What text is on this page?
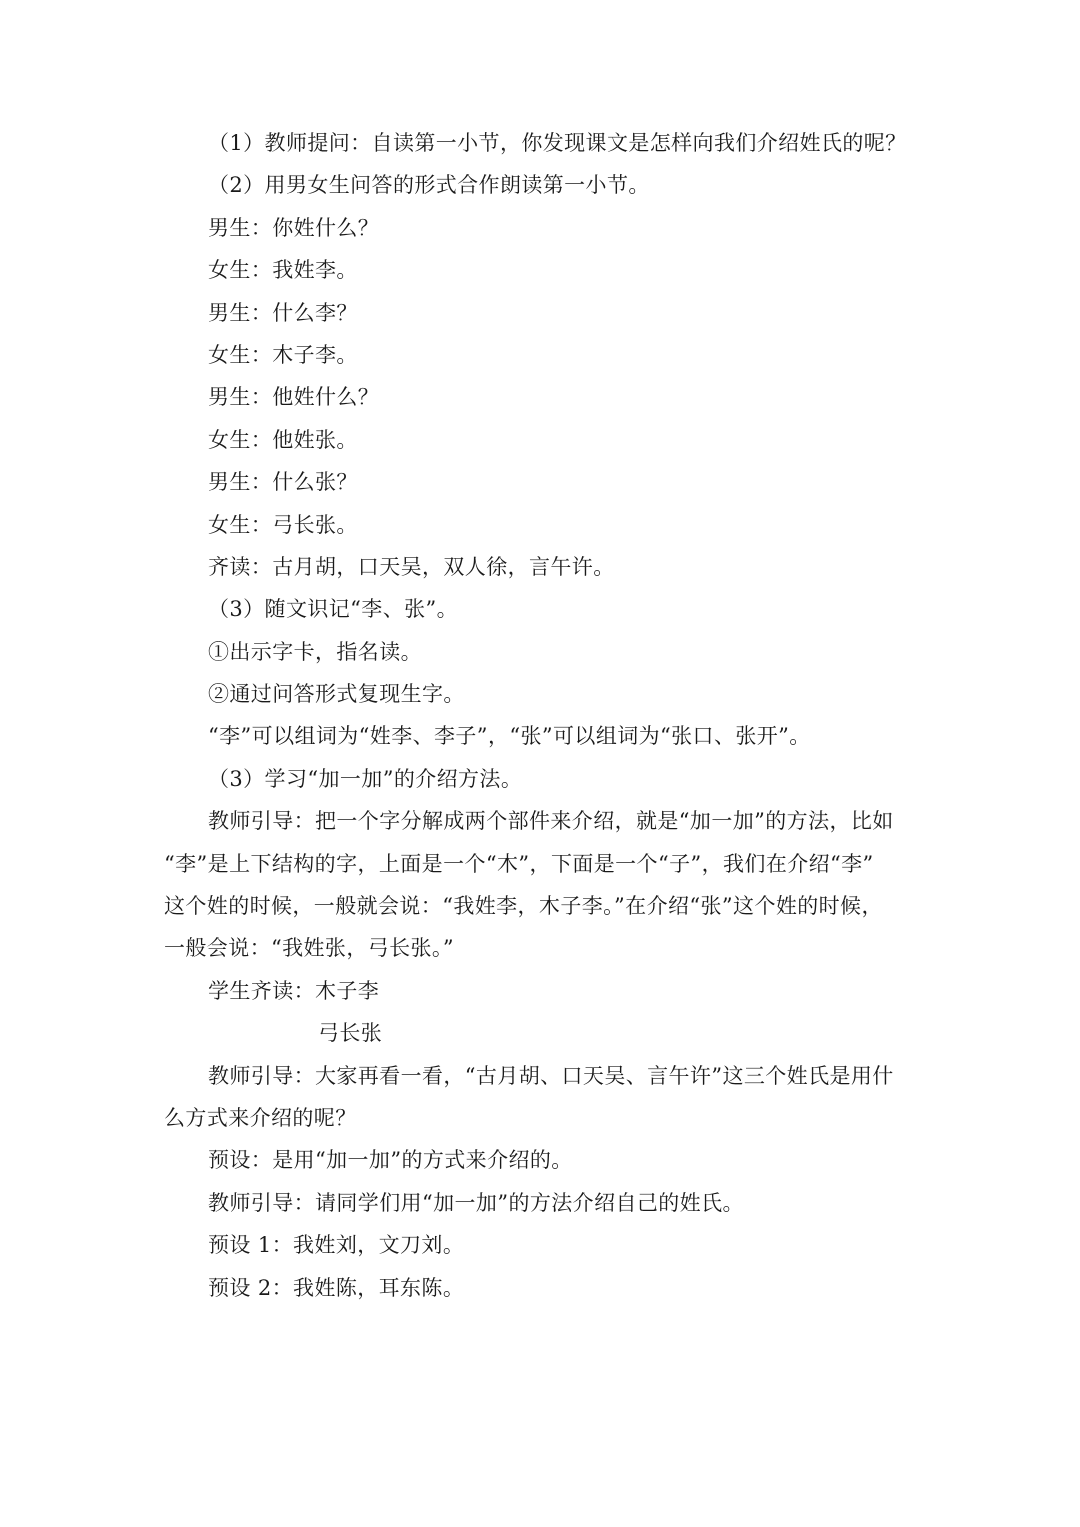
（1）教师提问：自读第一小节，你发现课文是怎样向我们介绍姓氏的呢？
（2）用男女生问答的形式合作朗读第一小节。
男生：你姓什么？
女生：我姓李。
男生：什么李？
女生：木子李。
男生：他姓什么？
女生：他姓张。
男生：什么张？
女生：弓长张。
齐读：古月胡，口天吴，双人徐，言午许。
（3）随文识记“李、张”。
①出示字卡，指名读。
②通过问答形式复现生字。
“李”可以组词为“姓李、李子”，“张”可以组词为“张口、张开”。
（3）学习“加一加”的介绍方法。
教师引导：把一个字分解成两个部件来介绍，就是“加一加”的方法，比如
“李”是上下结构的字，上面是一个“木”，下面是一个“子”，我们在介绍“李”
这个姓的时候，一般就会说：“我姓李，木子李。”在介绍“张”这个姓的时候，
一般会说：“我姓张，弓长张。”
学生齐读：木子李
弓长张
教师引导：大家再看一看，“古月胡、口天吴、言午许”这三个姓氏是用什
么方式来介绍的呢？
预设：是用“加一加”的方式来介绍的。
教师引导：请同学们用“加一加”的方法介绍自己的姓氏。
预设 1：我姓刘，文刀刘。
预设 2：我姓陈，耳东陈。
